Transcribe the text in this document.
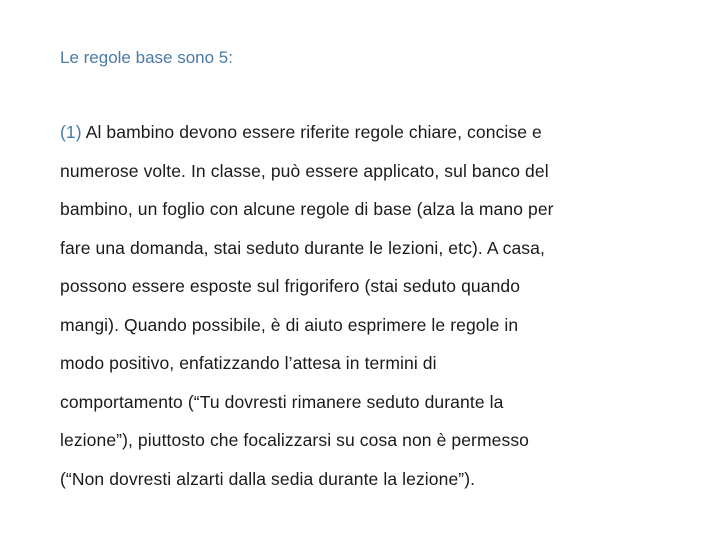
Le regole base sono 5:
(1) Al bambino devono essere riferite regole chiare, concise e
numerose volte. In classe, può essere applicato, sul banco del
bambino, un foglio con alcune regole di base (alza la mano per
fare una domanda, stai seduto durante le lezioni, etc). A casa,
possono essere esposte sul frigorifero (stai seduto quando
mangi). Quando possibile, è di aiuto esprimere le regole in
modo positivo, enfatizzando l’attesa in termini di
comportamento (“Tu dovresti rimanere seduto durante la
lezione”), piuttosto che focalizzarsi su cosa non è permesso
(“Non dovresti alzarti dalla sedia durante la lezione”).
